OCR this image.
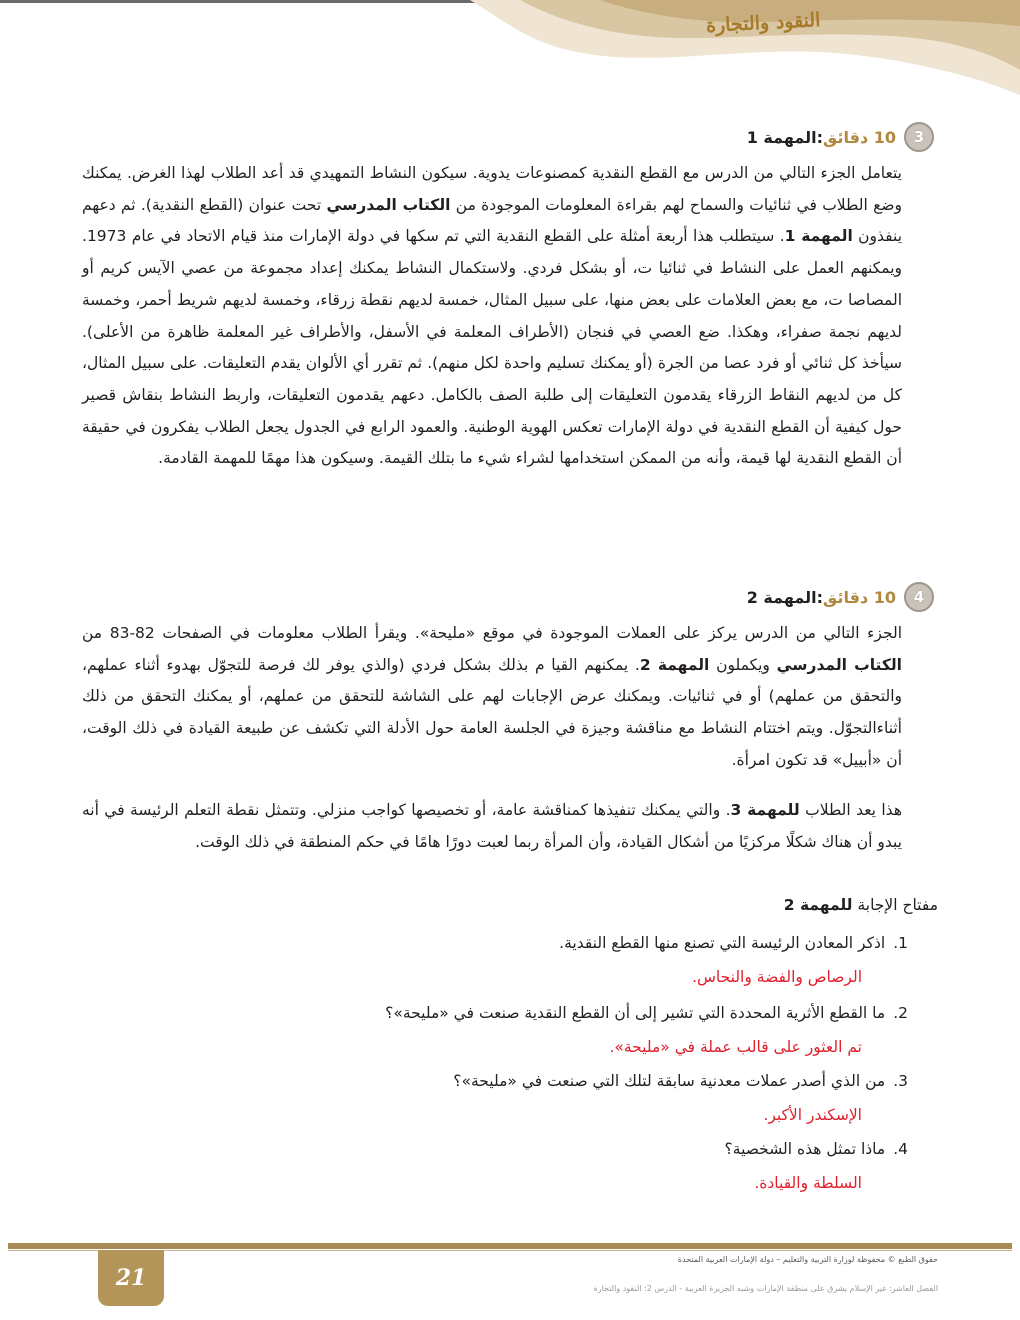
النقود والتجارة
3
10 دقائق
:
المهمة 1
يتعامل الجزء التالي من الدرس مع القطع النقدية كمصنوعات يدوية. سيكون النشاط التمهيدي قد أعد الطلاب لهذا الغرض. يمكنك وضع الطلاب في ثنائيات والسماح لهم بقراءة المعلومات الموجودة من الكتاب المدرسي تحت عنوان (القطع النقدية). ثم دعهم ينفذون المهمة 1. سيتطلب هذا أربعة أمثلة على القطع النقدية التي تم سكها في دولة الإمارات منذ قيام الاتحاد في عام 1973. ويمكنهم العمل على النشاط في ثنائيا ت، أو بشكل فردي. ولاستكمال النشاط يمكنك إعداد مجموعة من عصي الآيس كريم أو المصاصا ت، مع بعض العلامات على بعض منها، على سبيل المثال، خمسة لديهم نقطة زرقاء، وخمسة لديهم شريط أحمر، وخمسة لديهم نجمة صفراء، وهكذا. ضع العصي في فنجان (الأطراف المعلمة في الأسفل، والأطراف غير المعلمة ظاهرة من الأعلى). سيأخذ كل ثنائي أو فرد عصا من الجرة (أو يمكنك تسليم واحدة لكل منهم). ثم تقرر أي الألوان يقدم التعليقات. على سبيل المثال، كل من لديهم النقاط الزرقاء يقدمون التعليقات إلى طلبة الصف بالكامل. دعهم يقدمون التعليقات، واربط النشاط بنقاش قصير حول كيفية أن القطع النقدية في دولة الإمارات تعكس الهوية الوطنية. والعمود الرابع في الجدول يجعل الطلاب يفكرون في حقيقة أن القطع النقدية لها قيمة، وأنه من الممكن استخدامها لشراء شيء ما بتلك القيمة. وسيكون هذا مهمًا للمهمة القادمة.
4
10 دقائق
:
المهمة 2
الجزء التالي من الدرس يركز على العملات الموجودة في موقع «مليحة». ويقرأ الطلاب معلومات في الصفحات 82-83 من الكتاب المدرسي ويكملون المهمة 2. يمكنهم القيا م بذلك بشكل فردي (والذي يوفر لك فرصة للتجوّل بهدوء أثناء عملهم، والتحقق من عملهم) أو في ثنائيات. ويمكنك عرض الإجابات لهم على الشاشة للتحقق من عملهم، أو يمكنك التحقق من ذلك أثناءالتجوّل. ويتم اختتام النشاط مع مناقشة وجيزة في الجلسة العامة حول الأدلة التي تكشف عن طبيعة القيادة في ذلك الوقت، أن «أبييل» قد تكون امرأة.
هذا يعد الطلاب للمهمة 3. والتي يمكنك تنفيذها كمناقشة عامة، أو تخصيصها كواجب منزلي. وتتمثل نقطة التعلم الرئيسة في أنه يبدو أن هناك شكلًا مركزيًا من أشكال القيادة، وأن المرأة ربما لعبت دورًا هامًا في حكم المنطقة في ذلك الوقت.
مفتاح الإجابة للمهمة 2
1.
اذكر المعادن الرئيسة التي تصنع منها القطع النقدية.
الرصاص والفضة والنحاس.
2.
ما القطع الأثرية المحددة التي تشير إلى أن القطع النقدية صنعت في «مليحة»؟
تم العثور على قالب عملة في «مليحة».
3.
من الذي أصدر عملات معدنية سابقة لتلك التي صنعت في «مليحة»؟
الإسكندر الأكبر.
4.
ماذا تمثل هذه الشخصية؟
السلطة والقيادة.
21
حقوق الطبع © محفوظة لوزارة التربية والتعليم – دولة الإمارات العربية المتحدة
الفصل العاشر: غير الإسلام يشرق على منطقة الإمارات وشبه الجزيرة العربية - الدرس 2: النقود والتجارة
